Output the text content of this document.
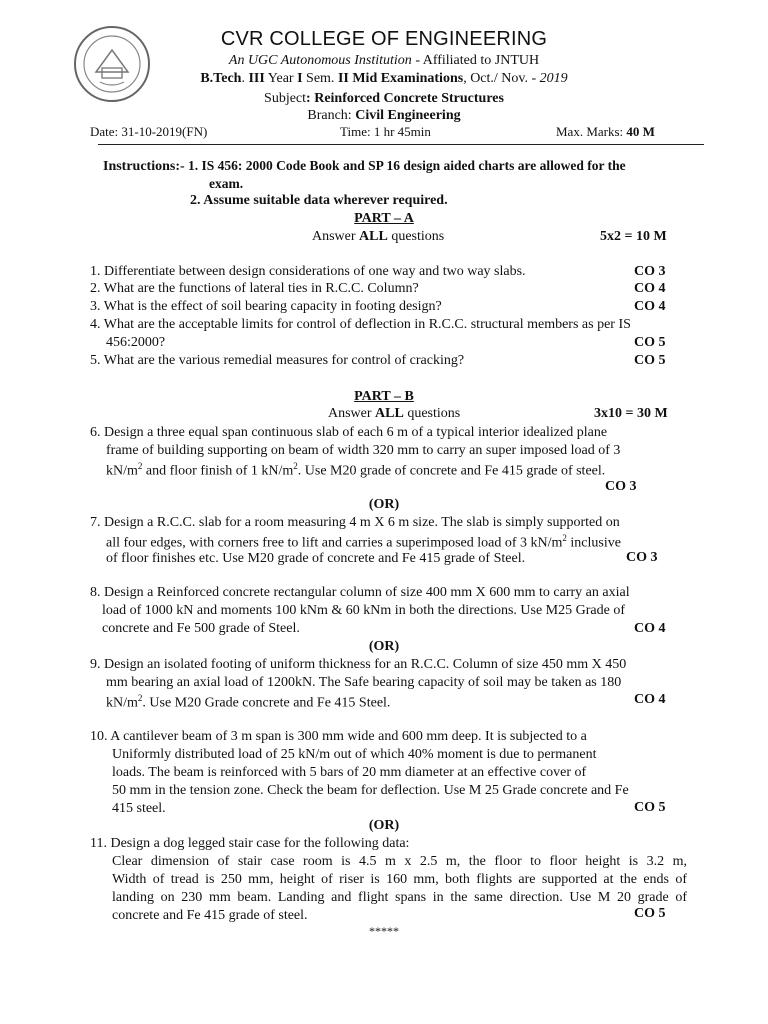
CVR COLLEGE OF ENGINEERING
An UGC Autonomous Institution - Affiliated to JNTUH
B.Tech. III Year I Sem. II Mid Examinations, Oct./ Nov. - 2019
Subject: Reinforced Concrete Structures
Branch: Civil Engineering
Date: 31-10-2019(FN)	Time: 1 hr 45min	Max. Marks: 40 M
Instructions:- 1. IS 456: 2000 Code Book and SP 16 design aided charts are allowed for the
exam.
2. Assume suitable data wherever required.
PART – A
Answer ALL questions	5x2 = 10 M
1. Differentiate between design considerations of one way and two way slabs.	CO 3
2. What are the functions of lateral ties in R.C.C. Column?	CO 4
3. What is the effect of soil bearing capacity in footing design?	CO 4
4. What are the acceptable limits for control of deflection in R.C.C. structural members as per IS
456:2000?	CO 5
5. What are the various remedial measures for control of cracking?	CO 5
PART – B
Answer ALL questions	3x10 = 30 M
6. Design a three equal span continuous slab of each 6 m of a typical interior idealized plane
frame of building supporting on beam of width 320 mm to carry an super imposed load of 3
$kN/m^2$ and floor finish of 1 $kN/m^2$. Use M20 grade of concrete and Fe 415 grade of steel.
CO 3
(OR)
7. Design a R.C.C. slab for a room measuring 4 m X 6 m size. The slab is simply supported on
all four edges, with corners free to lift and carries a superimposed load of 3 $kN/m^2$ inclusive
of floor finishes etc. Use M20 grade of concrete and Fe 415 grade of Steel.	CO 3
8. Design a Reinforced concrete rectangular column of size 400 mm X 600 mm to carry an axial
load of 1000 kN and moments 100 kNm & 60 kNm in both the directions. Use M25 Grade of
concrete and Fe 500 grade of Steel.	CO 4
(OR)
9. Design an isolated footing of uniform thickness for an R.C.C. Column of size 450 mm X 450
mm bearing an axial load of 1200kN. The Safe bearing capacity of soil may be taken as 180
$kN/m^2$. Use M20 Grade concrete and Fe 415 Steel.	CO 4
10. A cantilever beam of 3 m span is 300 mm wide and 600 mm deep. It is subjected to a
Uniformly distributed load of 25 kN/m out of which 40% moment is due to permanent
loads. The beam is reinforced with 5 bars of 20 mm diameter at an effective cover of
50 mm in the tension zone. Check the beam for deflection. Use M 25 Grade concrete and Fe
415 steel.	CO 5
(OR)
11. Design a dog legged stair case for the following data:
Clear dimension of stair case room is 4.5 m x 2.5 m, the floor to floor height is 3.2 m,
Width of tread is 250 mm, height of riser is 160 mm, both flights are supported at the ends of
landing on 230 mm beam. Landing and flight spans in the same direction. Use M 20 grade of
concrete and Fe 415 grade of steel.	CO 5
*****
